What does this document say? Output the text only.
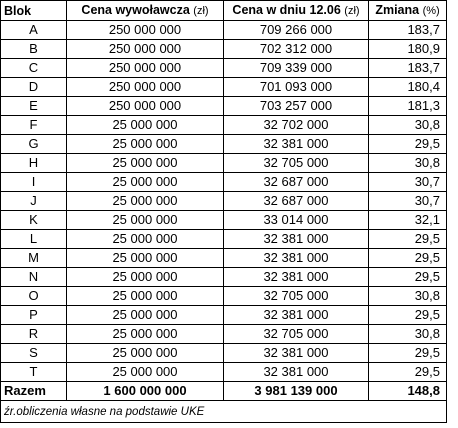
Blok	Cena wywoławcza (zł)	Cena w dniu 12.06 (zł)	Zmiana (%)
A	250 000 000	709 266 000	183,7
B	250 000 000	702 312 000	180,9
C	250 000 000	709 339 000	183,7
D	250 000 000	701 093 000	180,4
E	250 000 000	703 257 000	181,3
F	25 000 000	32 702 000	30,8
G	25 000 000	32 381 000	29,5
H	25 000 000	32 705 000	30,8
I	25 000 000	32 687 000	30,7
J	25 000 000	32 687 000	30,7
K	25 000 000	33 014 000	32,1
L	25 000 000	32 381 000	29,5
M	25 000 000	32 381 000	29,5
N	25 000 000	32 381 000	29,5
O	25 000 000	32 705 000	30,8
P	25 000 000	32 381 000	29,5
R	25 000 000	32 705 000	30,8
S	25 000 000	32 381 000	29,5
T	25 000 000	32 381 000	29,5
Razem	1 600 000 000	3 981 139 000	148,8
źr.obliczenia własne na podstawie UKE			
